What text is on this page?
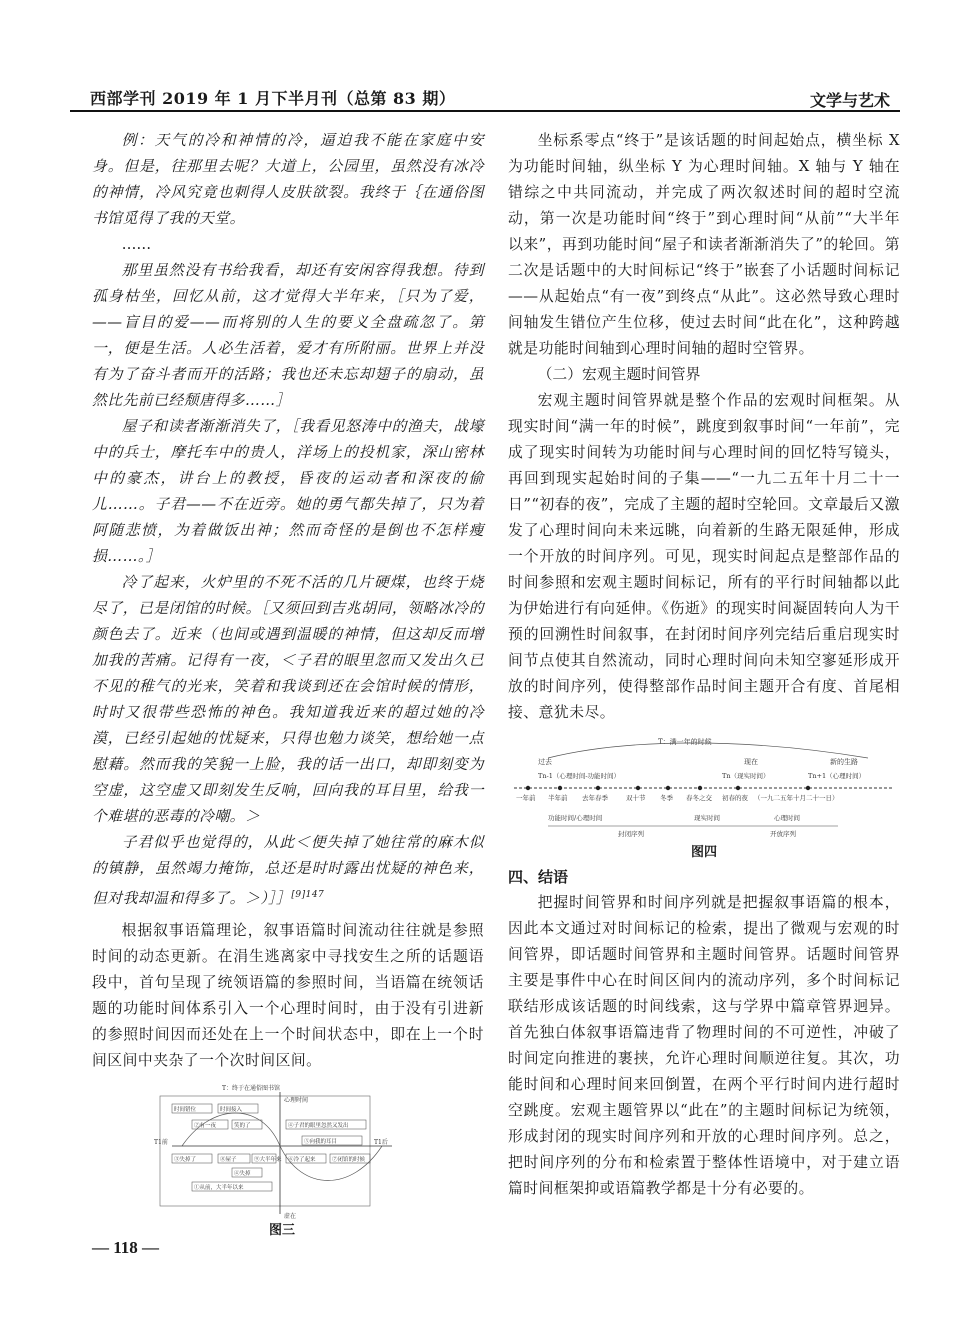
西部学刊 2019 年 1 月下半月刊（总第 83 期）	文学与艺术

例：天气的冷和神情的冷，逼迫我不能在家庭中安身。但是，往那里去呢？大道上，公园里，虽然没有冰冷的神情，冷风究竟也刺得人皮肤欲裂。我终于｛在通俗图书馆觅得了我的天堂。

……

那里虽然没有书给我看，却还有安闲容得我想。待到孤身枯坐，回忆从前，这才觉得大半年来，［只为了爱，——盲目的爱——而将别的人生的要义全盘疏忽了。第一，便是生活。人必生活着，爱才有所附丽。世界上并没有为了奋斗者而开的活路；我也还未忘却翅子的扇动，虽然比先前已经颓唐得多……］

屋子和读者渐渐消失了，［我看见怒涛中的渔夫，战壕中的兵士，摩托车中的贵人，洋场上的投机家，深山密林中的豪杰，讲台上的教授，昏夜的运动者和深夜的偷儿……。子君——不在近旁。她的勇气都失掉了，只为着阿随悲愤，为着做饭出神；然而奇怪的是倒也不怎样瘦损……。］

冷了起来，火炉里的不死不活的几片硬煤，也终于烧尽了，已是闭馆的时候。［又须回到吉兆胡同，领略冰冷的颜色去了。近来（也间或遇到温暖的神情，但这却反而增加我的苦痛。记得有一夜，＜子君的眼里忽而又发出久已不见的稚气的光来，笑着和我谈到还在会馆时候的情形，时时又很带些恐怖的神色。我知道我近来的超过她的冷漠，已经引起她的忧疑来，只得也勉力谈笑，想给她一点慰藉。然而我的笑貌一上脸，我的话一出口，却即刻变为空虚，这空虚又即刻发生反响，回向我的耳目里，给我一个难堪的恶毒的冷嘲。＞

子君似乎也觉得的，从此＜便失掉了她往常的麻木似的镇静，虽然竭力掩饰，总还是时时露出忧疑的神色来，但对我却温和得多了。＞）］］$^{[9]147}$

根据叙事语篇理论，叙事语篇时间流动往往就是参照时间的动态更新。在涓生逃离家中寻找安生之所的话题语段中，首句呈现了统领语篇的参照时间，当语篇在统领话题的功能时间体系引入一个心理时间时，由于没有引进新的参照时间因而还处在上一个时间状态中，即在上一个时间区间中夹杂了一个次时间区间。

T：终于在通俗图书馆
T1前	T1后
虚在
时间错位	时间接入
②有一夜	笑的了	④子君的眼里忽然又发出
⑤向我的耳目
③失掉了	⑥冷了起来	⑦闭馆的时候
⑧屋子	⑨大半年来
①从前，大半年以来
④失掉
心理时间
图三

坐标系零点“终于”是该话题的时间起始点，横坐标 X 为功能时间轴，纵坐标 Y 为心理时间轴。X 轴与 Y 轴在错综之中共同流动，并完成了两次叙述时间的超时空流动，第一次是功能时间“终于”到心理时间“从前”“大半年以来”，再到功能时间“屋子和读者渐渐消失了”的轮回。第二次是话题中的大时间标记“终于”嵌套了小话题时间标记——从起始点“有一夜”到终点“从此”。这必然导致心理时间轴发生错位产生位移，使过去时间“此在化”，这种跨越就是功能时间轴到心理时间轴的超时空管界。

（二）宏观主题时间管界

宏观主题时间管界就是整个作品的宏观时间框架。从现实时间“满一年的时候”，跳度到叙事时间“一年前”，完成了现实时间转为功能时间与心理时间的回忆特写镜头，再回到现实起始时间的子集——“一九二五年十月二十一日”“初春的夜”，完成了主题的超时空轮回。文章最后又激发了心理时间向未来远眺，向着新的生路无限延伸，形成一个开放的时间序列。可见，现实时间起点是整部作品的时间参照和宏观主题时间标记，所有的平行时间轴都以此为伊始进行有向延伸。《伤逝》的现实时间凝固转向人为干预的回溯性时间叙事，在封闭时间序列完结后重启现实时间节点使其自然流动，同时心理时间向未知空寥延形成开放的时间序列，使得整部作品时间主题开合有度、首尾相接、意犹未尽。

T：满一年的时候
过去	现在	新的生路
Tn-1（心理时间-功能时间）	Tn（现实时间）	Tn+1（心理时间）
一年前 半年前 去年春季	双十节 冬季 春冬之交 初春的夜 （一九二五年十月二十一日）
功能时间/心理时间	现实时间	心理时间
封闭序列	开放序列
图四
四、结语

把握时间管界和时间序列就是把握叙事语篇的根本，因此本文通过对时间标记的检索，提出了微观与宏观的时间管界，即话题时间管界和主题时间管界。话题时间管界主要是事件中心在时间区间内的流动序列，多个时间标记联结形成该话题的时间线索，这与学界中篇章管界迥异。首先独白体叙事语篇违背了物理时间的不可逆性，冲破了时间定向推进的裹挟，允许心理时间顺逆往复。其次，功能时间和心理时间来回倒置，在两个平行时间内进行超时空跳度。宏观主题管界以“此在”的主题时间标记为统领，形成封闭的现实时间序列和开放的心理时间序列。总之，把时间序列的分布和检索置于整体性语境中，对于建立语篇时间框架抑或语篇教学都是十分有必要的。

— 118 —
